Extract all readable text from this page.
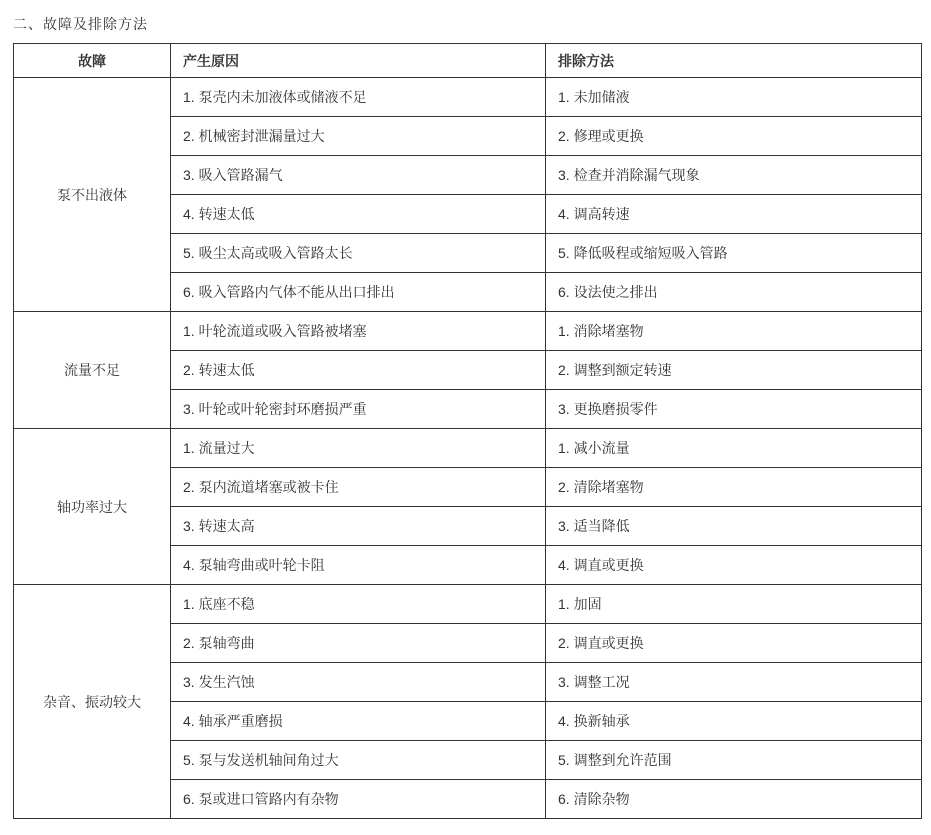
二、故障及排除方法
故障	产生原因	排除方法
泵不出液体	1. 泵壳内未加液体或储液不足	1. 未加储液
	2. 机械密封泄漏量过大	2. 修理或更换
	3. 吸入管路漏气	3. 检查并消除漏气现象
	4. 转速太低	4. 调高转速
	5. 吸尘太高或吸入管路太长	5. 降低吸程或缩短吸入管路
	6. 吸入管路内气体不能从出口排出	6. 设法使之排出
流量不足	1. 叶轮流道或吸入管路被堵塞	1. 消除堵塞物
	2. 转速太低	2. 调整到额定转速
	3. 叶轮或叶轮密封环磨损严重	3. 更换磨损零件
轴功率过大	1. 流量过大	1. 减小流量
	2. 泵内流道堵塞或被卡住	2. 清除堵塞物
	3. 转速太高	3. 适当降低
	4. 泵轴弯曲或叶轮卡阻	4. 调直或更换
杂音、振动较大	1. 底座不稳	1. 加固
	2. 泵轴弯曲	2. 调直或更换
	3. 发生汽蚀	3. 调整工况
	4. 轴承严重磨损	4. 换新轴承
	5. 泵与发送机轴间角过大	5. 调整到允许范围
	6. 泵或进口管路内有杂物	6. 清除杂物
